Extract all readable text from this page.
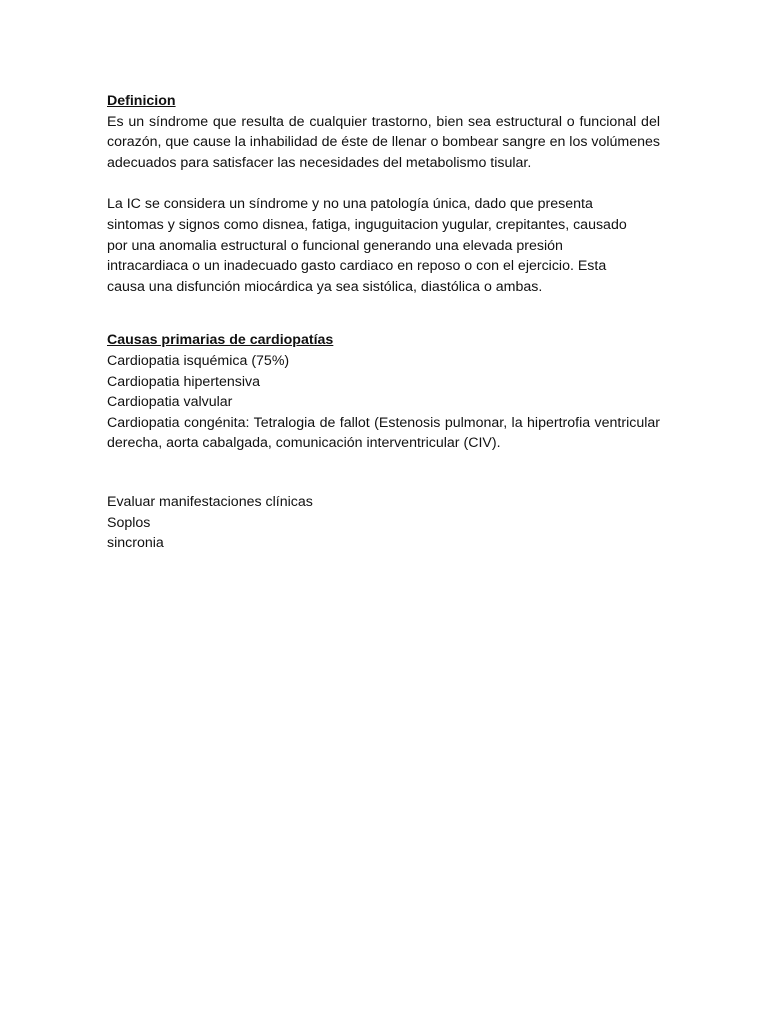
Definicion

Es un síndrome que resulta de cualquier trastorno, bien sea estructural o funcional del corazón, que cause la inhabilidad de éste de llenar o bombear sangre en los volúmenes adecuados para satisfacer las necesidades del metabolismo tisular.

La IC se considera un síndrome y no una patología única, dado que presenta

sintomas y signos como disnea, fatiga, inguguitacion yugular, crepitantes, causado

por una anomalia estructural o funcional generando una elevada presión

intracardiaca o un inadecuado gasto cardiaco en reposo o con el ejercicio. Esta

causa una disfunción miocárdica ya sea sistólica, diastólica o ambas.

Causas primarias de cardiopatías

Cardiopatia isquémica (75%)

Cardiopatia hipertensiva

Cardiopatia valvular

Cardiopatia congénita: Tetralogia de fallot (Estenosis pulmonar, la hipertrofia ventricular derecha, aorta cabalgada, comunicación interventricular (CIV).

Evaluar manifestaciones clínicas

Soplos

sincronia
